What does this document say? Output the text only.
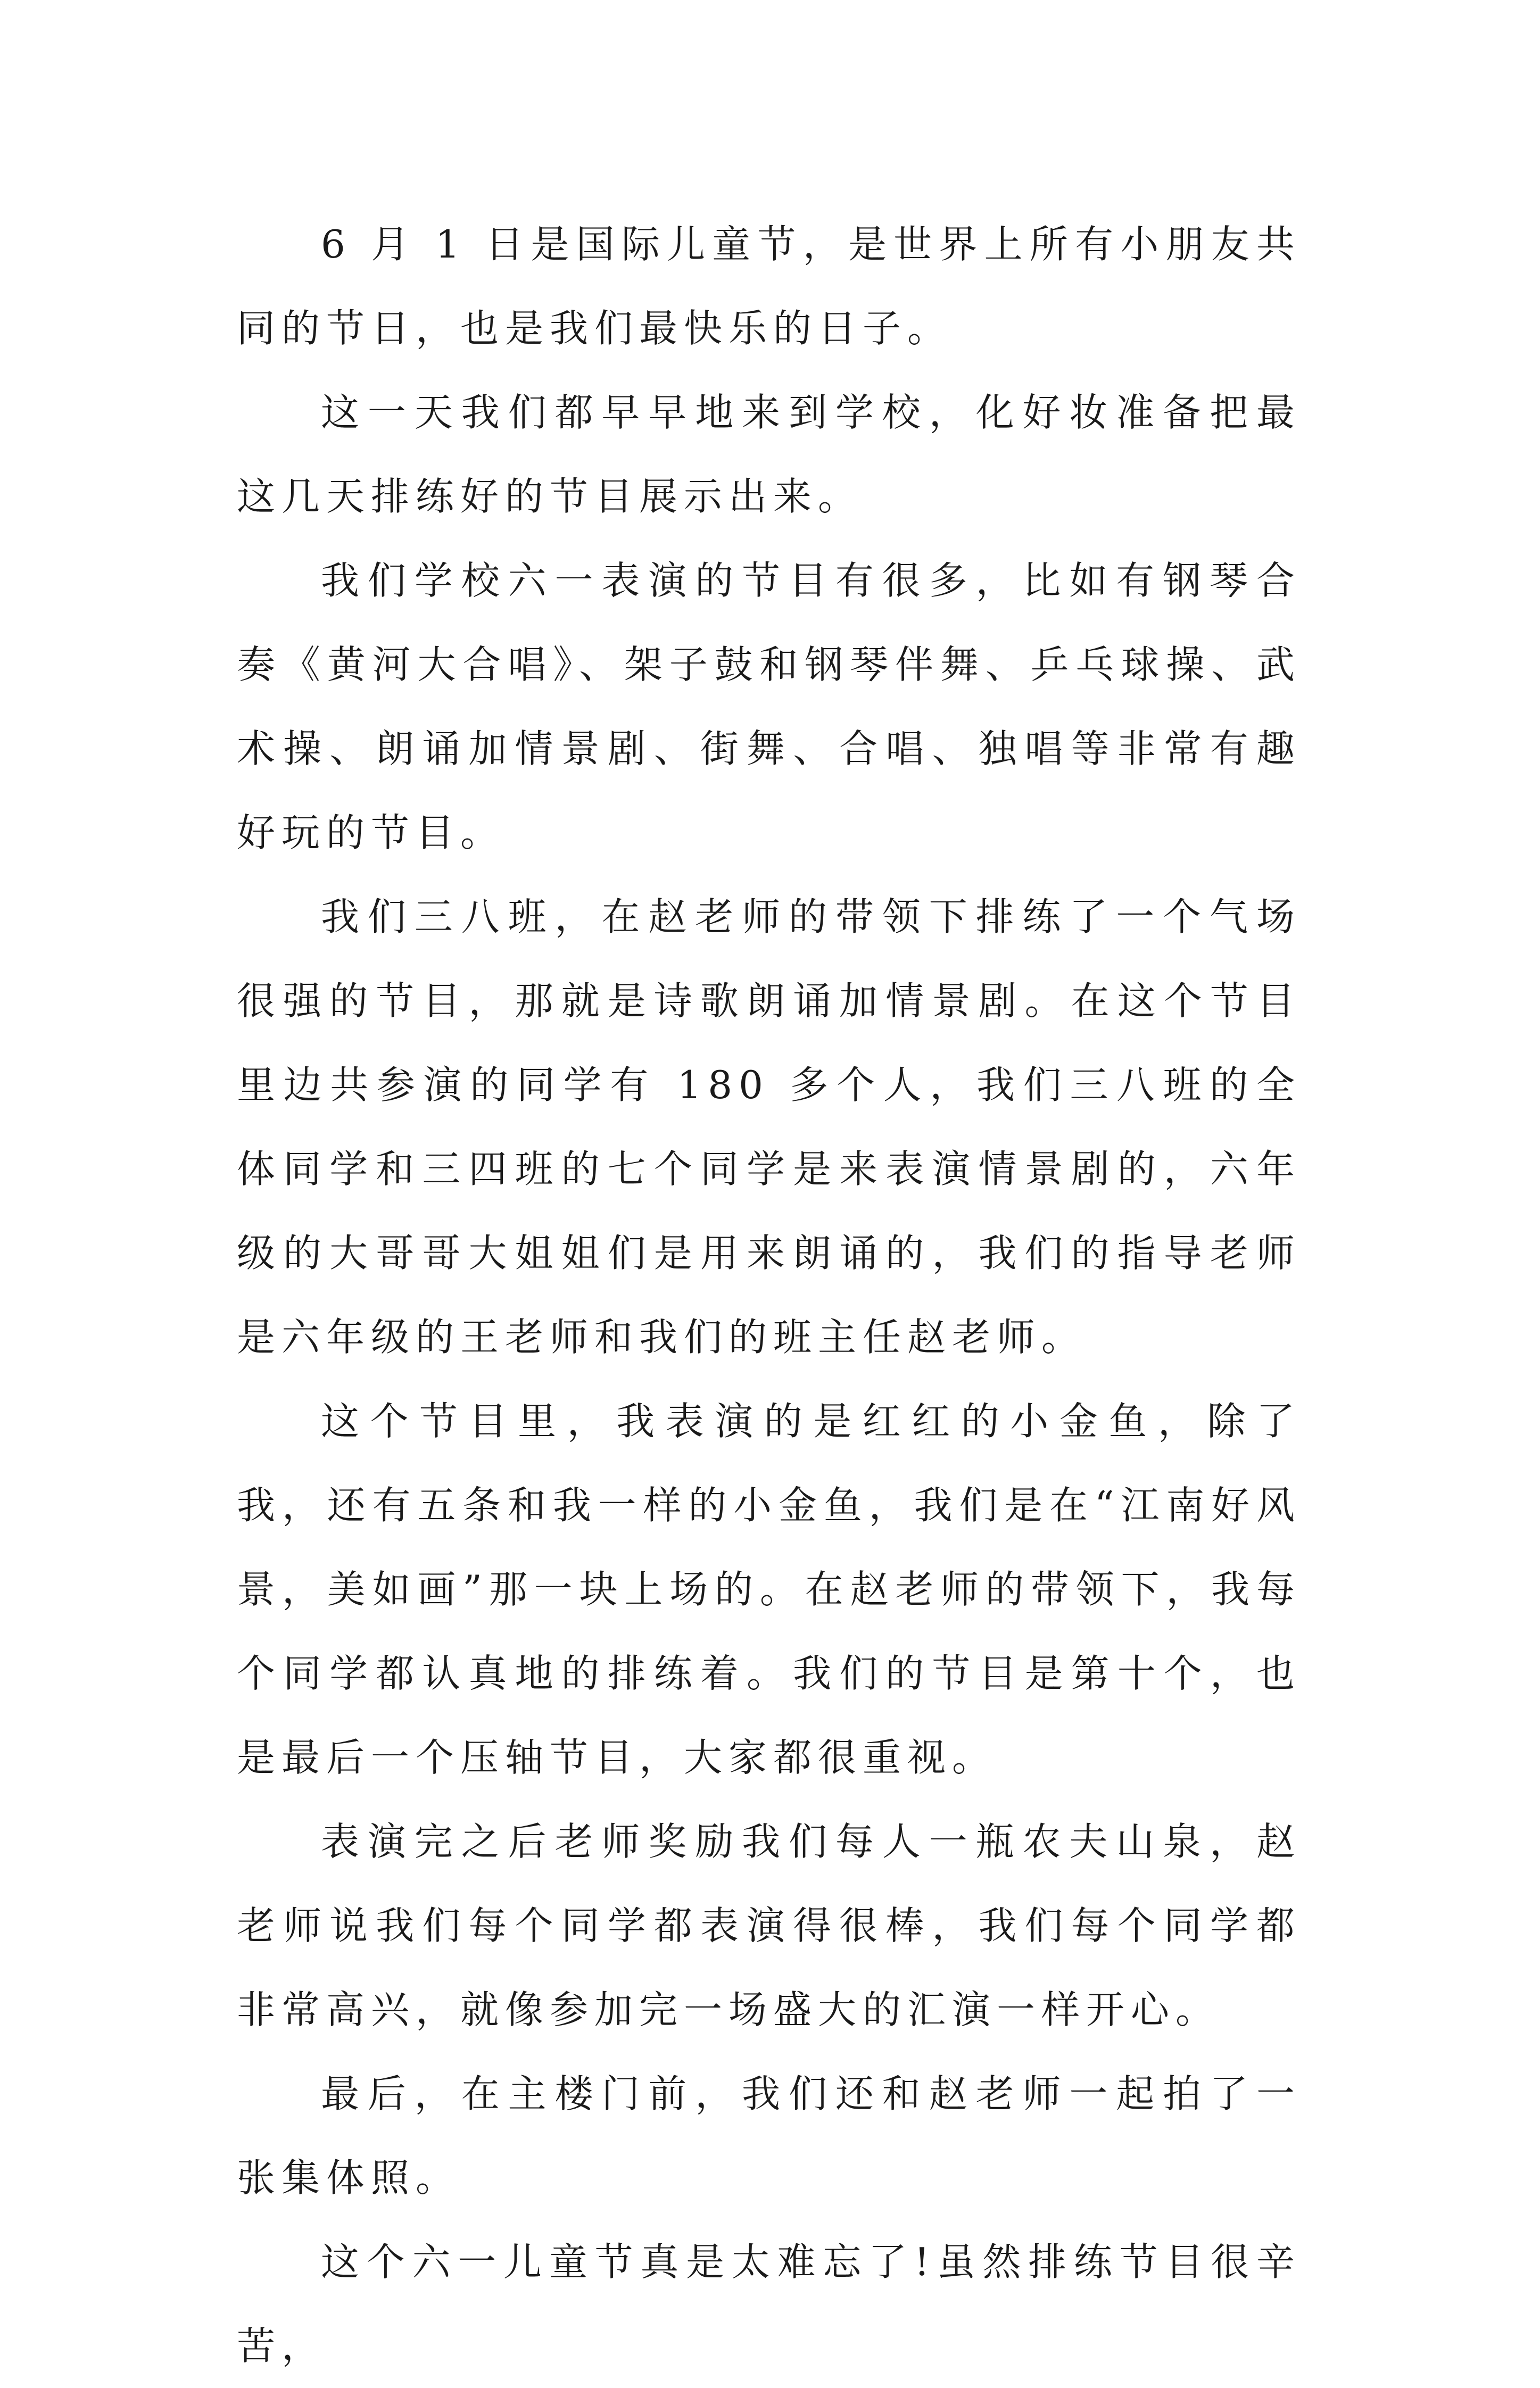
6 月 1 日是国际儿童节，是世界上所有小朋友共同的节日，也是我们最快乐的日子。

这一天我们都早早地来到学校，化好妆准备把最这几天排练好的节目展示出来。

我们学校六一表演的节目有很多，比如有钢琴合奏《黄河大合唱》、架子鼓和钢琴伴舞、乒乓球操、武术操、朗诵加情景剧、街舞、合唱、独唱等非常有趣好玩的节目。

我们三八班，在赵老师的带领下排练了一个气场很强的节目，那就是诗歌朗诵加情景剧。在这个节目里边共参演的同学有 180 多个人，我们三八班的全体同学和三四班的七个同学是来表演情景剧的，六年级的大哥哥大姐姐们是用来朗诵的，我们的指导老师是六年级的王老师和我们的班主任赵老师。

这个节目里，我表演的是红红的小金鱼，除了我，还有五条和我一样的小金鱼，我们是在“江南好风景，美如画”那一块上场的。在赵老师的带领下，我每个同学都认真地的排练着。我们的节目是第十个，也是最后一个压轴节目，大家都很重视。

表演完之后老师奖励我们每人一瓶农夫山泉，赵老师说我们每个同学都表演得很棒，我们每个同学都非常高兴，就像参加完一场盛大的汇演一样开心。

最后，在主楼门前，我们还和赵老师一起拍了一张集体照。

这个六一儿童节真是太难忘了!虽然排练节目很辛苦，
